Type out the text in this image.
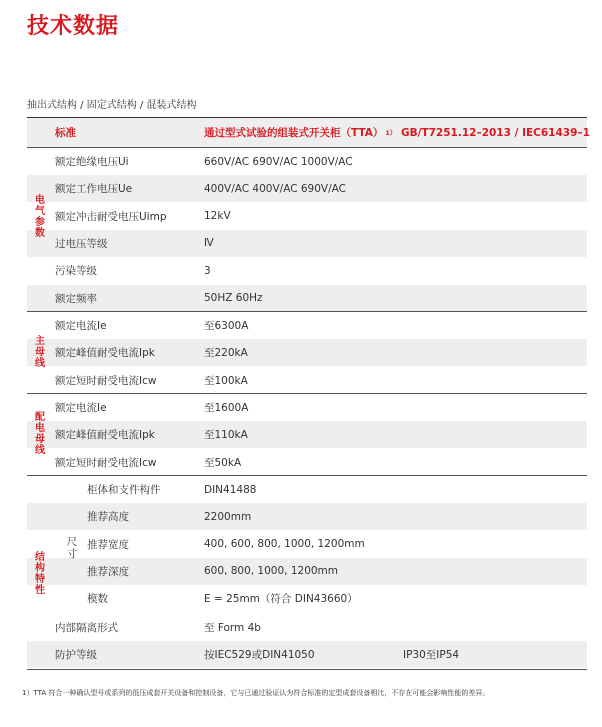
技术数据
抽出式结构 / 固定式结构 / 混装式结构
标准	通过型式试验的组装式开关柜（TTA） 1） GB/T7251.12–2013 / IEC61439–1
额定绝缘电压Ui	660V/AC 690V/AC 1000V/AC
额定工作电压Ue	400V/AC 400V/AC 690V/AC
额定冲击耐受电压Uimp	12kV
过电压等级	Ⅳ
污染等级	3
额定频率	50HZ 60Hz
电气参数
额定电流Ie	至6300A
额定峰值耐受电流Ipk	至220kA
额定短时耐受电流Icw	至100kA
主母线
额定电流Ie	至1600A
额定峰值耐受电流Ipk	至110kA
额定短时耐受电流Icw	至50kA
配电母线
柜体和支件构件	DIN41488
推荐高度	2200mm
推荐宽度	400, 600, 800, 1000, 1200mm
推荐深度	600, 800, 1000, 1200mm
模数	E = 25mm（符合 DIN43660）
尺寸
内部隔离形式	至 Form 4b
防护等级	按IEC529或DIN41050	IP30至IP54
结构特性
1）TTA 符合一种确认型号或系列的低压成套开关设备和控制设备，它与已通过验证认为符合标准的定型成套设备相比，不存在可能会影响性能的差异。
